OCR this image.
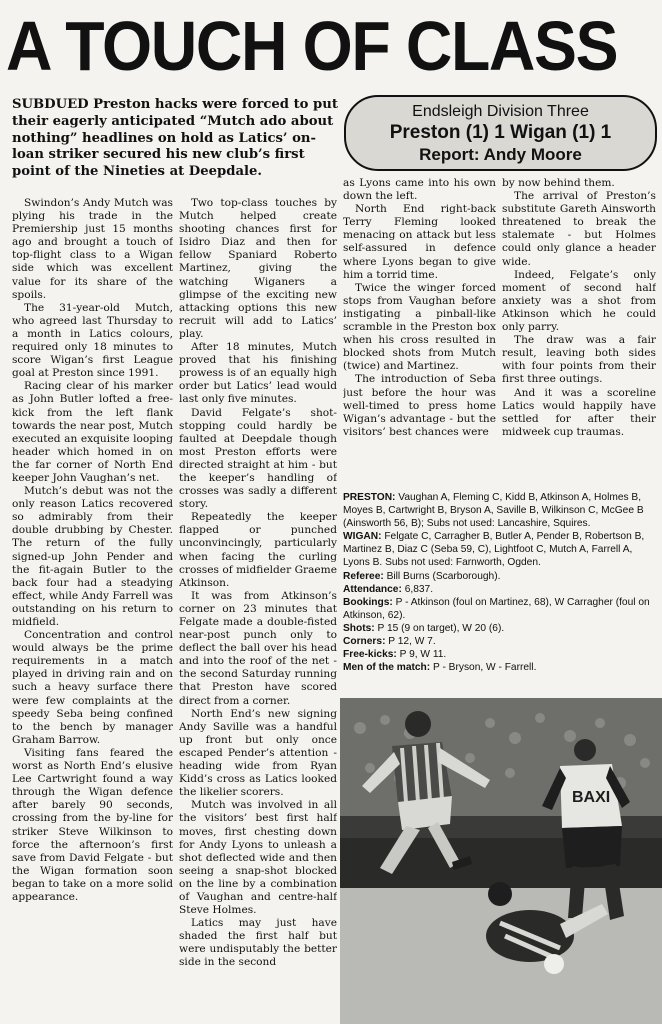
A TOUCH OF CLASS

SUBDUED Preston hacks were forced to put their eagerly anticipated “Mutch ado about nothing” headlines on hold as Latics’ on-loan striker secured his new club’s first point of the Nineties at Deepdale.

Endsleigh Division Three
Preston (1) 1 Wigan (1) 1
Report: Andy Moore

Swindon’s Andy Mutch was plying his trade in the Premiership just 15 months ago and brought a touch of top-flight class to a Wigan side which was excellent value for its share of the spoils.

The 31-year-old Mutch, who agreed last Thursday to a month in Latics colours, required only 18 minutes to score Wigan’s first League goal at Preston since 1991.

Racing clear of his marker as John Butler lofted a free-kick from the left flank towards the near post, Mutch executed an exquisite looping header which homed in on the far corner of North End keeper John Vaughan’s net.

Mutch’s debut was not the only reason Latics recovered so admirably from their double drubbing by Chester. The return of the fully signed-up John Pender and the fit-again Butler to the back four had a steadying effect, while Andy Farrell was outstanding on his return to midfield.

Concentration and control would always be the prime requirements in a match played in driving rain and on such a heavy surface there were few complaints at the speedy Seba being confined to the bench by manager Graham Barrow.

Visiting fans feared the worst as North End’s elusive Lee Cartwright found a way through the Wigan defence after barely 90 seconds, crossing from the by-line for striker Steve Wilkinson to force the afternoon’s first save from David Felgate - but the Wigan formation soon began to take on a more solid appearance.

Two top-class touches by Mutch helped create shooting chances first for Isidro Diaz and then for fellow Spaniard Roberto Martinez, giving the watching Wiganers a glimpse of the exciting new attacking options this new recruit will add to Latics’ play.

After 18 minutes, Mutch proved that his finishing prowess is of an equally high order but Latics’ lead would last only five minutes.

David Felgate’s shot-stopping could hardly be faulted at Deepdale though most Preston efforts were directed straight at him - but the keeper’s handling of crosses was sadly a different story.

Repeatedly the keeper flapped or punched unconvincingly, particularly when facing the curling crosses of midfielder Graeme Atkinson.

It was from Atkinson’s corner on 23 minutes that Felgate made a double-fisted near-post punch only to deflect the ball over his head and into the roof of the net - the second Saturday running that Preston have scored direct from a corner.

North End’s new signing Andy Saville was a handful up front but only once escaped Pender’s attention - heading wide from Ryan Kidd’s cross as Latics looked the likelier scorers.

Mutch was involved in all the visitors’ best first half moves, first chesting down for Andy Lyons to unleash a shot deflected wide and then seeing a snap-shot blocked on the line by a combination of Vaughan and centre-half Steve Holmes.

Latics may just have shaded the first half but were undisputably the better side in the second

as Lyons came into his own down the left.

North End right-back Terry Fleming looked menacing on attack but less self-assured in defence where Lyons began to give him a torrid time.

Twice the winger forced stops from Vaughan before instigating a pinball-like scramble in the Preston box when his cross resulted in blocked shots from Mutch (twice) and Martinez.

The introduction of Seba just before the hour was well-timed to press home Wigan’s advantage - but the visitors’ best chances were

by now behind them.

The arrival of Preston’s substitute Gareth Ainsworth threatened to break the stalemate - but Holmes could only glance a header wide.

Indeed, Felgate’s only moment of second half anxiety was a shot from Atkinson which he could only parry.

The draw was a fair result, leaving both sides with four points from their first three outings.

And it was a scoreline Latics would happily have settled for after their midweek cup traumas.

PRESTON: Vaughan A, Fleming C, Kidd B, Atkinson A, Holmes B, Moyes B, Cartwright B, Bryson A, Saville B, Wilkinson C, McGee B (Ainsworth 56, B); Subs not used: Lancashire, Squires.

WIGAN: Felgate C, Carragher B, Butler A, Pender B, Robertson B, Martinez B, Diaz C (Seba 59, C), Lightfoot C, Mutch A, Farrell A, Lyons B. Subs not used: Farnworth, Ogden.

Referee: Bill Burns (Scarborough).

Attendance: 6,837.

Bookings: P - Atkinson (foul on Martinez, 68), W Carragher (foul on Atkinson, 62).

Shots: P 15 (9 on target), W 20 (6).

Corners: P 12, W 7.

Free-kicks: P 9, W 11.

Men of the match: P - Bryson, W - Farrell.

BAXI
